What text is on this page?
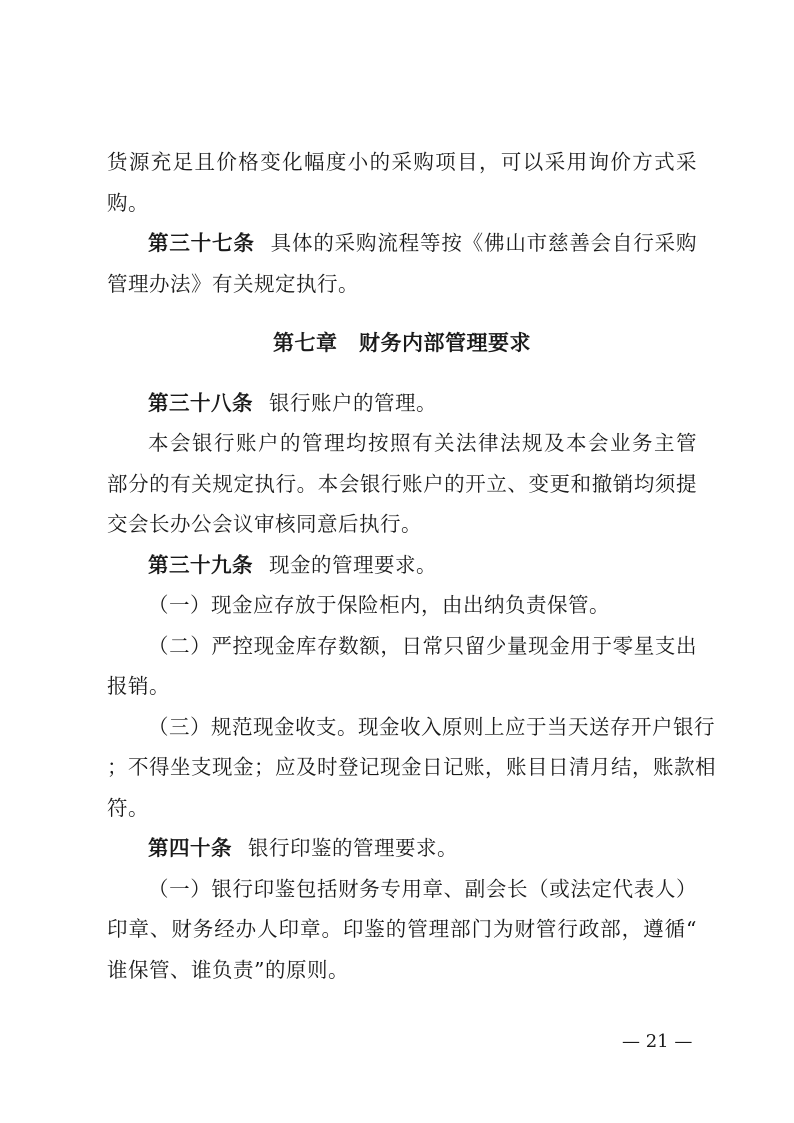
货源充足且价格变化幅度小的采购项目，可以采用询价方式采
购。
第三十七条 具体的采购流程等按《佛山市慈善会自行采购
管理办法》有关规定执行。
第七章　财务内部管理要求
第三十八条 银行账户的管理。
本会银行账户的管理均按照有关法律法规及本会业务主管
部分的有关规定执行。本会银行账户的开立、变更和撤销均须提
交会长办公会议审核同意后执行。
第三十九条 现金的管理要求。
（一）现金应存放于保险柜内，由出纳负责保管。
（二）严控现金库存数额，日常只留少量现金用于零星支出
报销。
（三）规范现金收支。现金收入原则上应于当天送存开户银行
；不得坐支现金；应及时登记现金日记账，账目日清月结，账款相
符。
第四十条 银行印鉴的管理要求。
（一）银行印鉴包括财务专用章、副会长（或法定代表人）
印章、财务经办人印章。印鉴的管理部门为财管行政部，遵循“
谁保管、谁负责”的原则。
— 21 —
